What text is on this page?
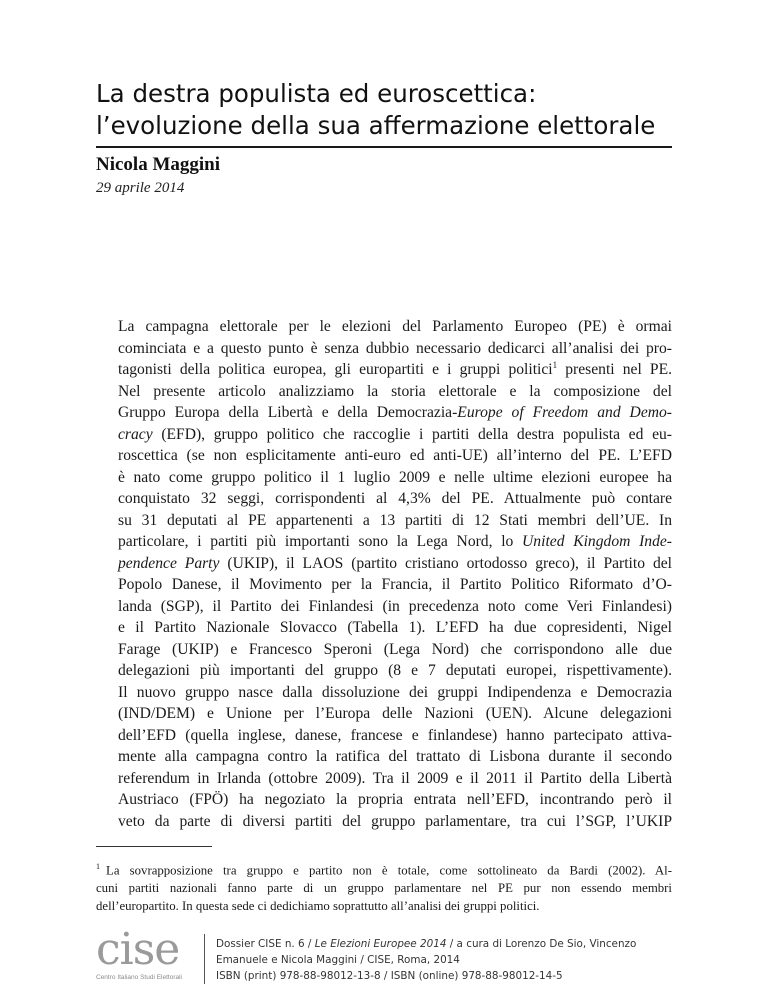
La destra populista ed euroscettica:
l’evoluzione della sua affermazione elettorale
Nicola Maggini
29 aprile 2014
La campagna elettorale per le elezioni del Parlamento Europeo (PE) è ormai
cominciata e a questo punto è senza dubbio necessario dedicarci all’analisi dei pro-
tagonisti della politica europea, gli europartiti e i gruppi politici$^1$ presenti nel PE.
Nel presente articolo analizziamo la storia elettorale e la composizione del
Gruppo Europa della Libertà e della Democrazia-Europe of Freedom and Demo-
cracy (EFD), gruppo politico che raccoglie i partiti della destra populista ed eu-
roscettica (se non esplicitamente anti-euro ed anti-UE) all’interno del PE. L’EFD
è nato come gruppo politico il 1 luglio 2009 e nelle ultime elezioni europee ha
conquistato 32 seggi, corrispondenti al 4,3% del PE. Attualmente può contare
su 31 deputati al PE appartenenti a 13 partiti di 12 Stati membri dell’UE. In
particolare, i partiti più importanti sono la Lega Nord, lo United Kingdom Inde-
pendence Party (UKIP), il LAOS (partito cristiano ortodosso greco), il Partito del
Popolo Danese, il Movimento per la Francia, il Partito Politico Riformato d’O-
landa (SGP), il Partito dei Finlandesi (in precedenza noto come Veri Finlandesi)
e il Partito Nazionale Slovacco (Tabella 1). L’EFD ha due copresidenti, Nigel
Farage (UKIP) e Francesco Speroni (Lega Nord) che corrispondono alle due
delegazioni più importanti del gruppo (8 e 7 deputati europei, rispettivamente).
Il nuovo gruppo nasce dalla dissoluzione dei gruppi Indipendenza e Democrazia
(IND/DEM) e Unione per l’Europa delle Nazioni (UEN). Alcune delegazioni
dell’EFD (quella inglese, danese, francese e finlandese) hanno partecipato attiva-
mente alla campagna contro la ratifica del trattato di Lisbona durante il secondo
referendum in Irlanda (ottobre 2009). Tra il 2009 e il 2011 il Partito della Libertà
Austriaco (FPÖ) ha negoziato la propria entrata nell’EFD, incontrando però il
veto da parte di diversi partiti del gruppo parlamentare, tra cui l’SGP, l’UKIP
$^1$ La sovrapposizione tra gruppo e partito non è totale, come sottolineato da Bardi (2002). Al-
cuni partiti nazionali fanno parte di un gruppo parlamentare nel PE pur non essendo membri
dell’europartito. In questa sede ci dedichiamo soprattutto all’analisi dei gruppi politici.
cise
Centro Italiano Studi Elettorali
Dossier CISE n. 6 / Le Elezioni Europee 2014 / a cura di Lorenzo De Sio, Vincenzo
Emanuele e Nicola Maggini / CISE, Roma, 2014
ISBN (print) 978-88-98012-13-8 / ISBN (online) 978-88-98012-14-5
